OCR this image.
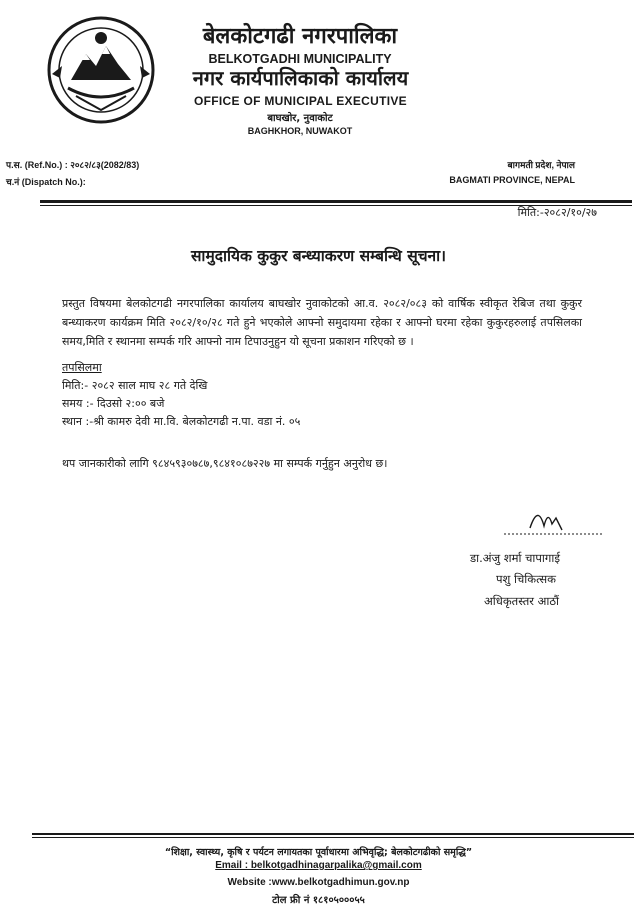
बेलकोटगढी नगरपालिका
BELKOTGADHI MUNICIPALITY
नगर कार्यपालिकाको कार्यालय
OFFICE OF MUNICIPAL EXECUTIVE
बाघखोर, नुवाकोट
BAGHKHOR, NUWAKOT
प.स. (Ref.No.) : २०८२/८३(2082/83)
च.नं (Dispatch No.):
बागमती प्रदेश, नेपाल
BAGMATI PROVINCE, NEPAL
मिति:-२०८२/१०/२७
सामुदायिक कुकुर बन्ध्याकरण सम्बन्धि सूचना।
प्रस्तुत विषयमा बेलकोटगढी नगरपालिका कार्यालय बाघखोर नुवाकोटको आ.व. २०८२/०८३ को वार्षिक स्वीकृत रेबिज तथा कुकुर बन्ध्याकरण कार्यक्रम मिति २०८२/१०/२८ गते हुने भएकोले आफ्नो समुदायमा रहेका र आफ्नो घरमा रहेका कुकुरहरुलाई तपसिलका समय,मिति र स्थानमा सम्पर्क गरि आफ्नो नाम टिपाउनुहुन यो सूचना प्रकाशन गरिएको छ ।
तपसिलमा
मिति:- २०८२ साल माघ २८ गते देखि
समय :- दिउसो २:०० बजे
स्थान :-श्री कामरु देवी मा.वि. बेलकोटगढी न.पा. वडा नं. ०५
थप जानकारीको लागि ९८४५९३०७८७,९८४१०८७२२७ मा सम्पर्क गर्नुहुन अनुरोध छ।
डा.अंजु शर्मा चापागाई
पशु चिकित्सक
अधिकृतस्तर आठौं
“शिक्षा, स्वास्थ्य, कृषि र पर्यटन लगायतका पूर्वाधारमा अभिवृद्धि; बेलकोटगढीको समृद्धि”
Email : belkotgadhinagarpalika@gmail.com
Website :www.belkotgadhimun.gov.np
टोल फ्री नं १८१०५०००५५
